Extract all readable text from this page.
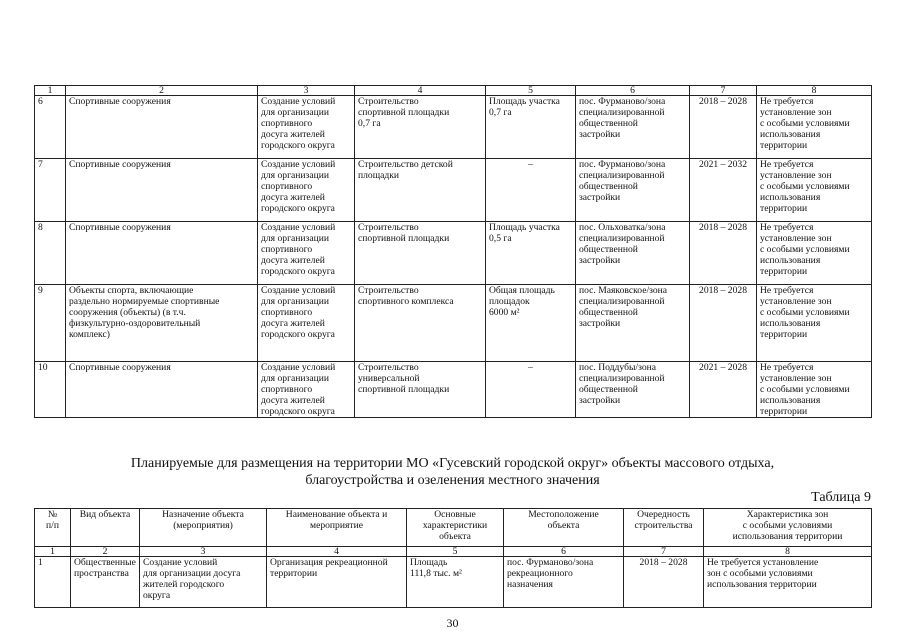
1	2	3	4	5	6	7	8
6	Спортивные сооружения	Создание условий
для организации
спортивного
досуга жителей
городского округа	Строительство
спортивной площадки
0,7 га	Площадь участка
0,7 га	пос. Фурманово/зона
специализированной
общественной
застройки	2018 – 2028	Не требуется
установление зон
с особыми условиями
использования
территории
7	Спортивные сооружения	Создание условий
для организации
спортивного
досуга жителей
городского округа	Строительство детской
площадки	–	пос. Фурманово/зона
специализированной
общественной
застройки	2021 – 2032	Не требуется
установление зон
с особыми условиями
использования
территории
8	Спортивные сооружения	Создание условий
для организации
спортивного
досуга жителей
городского округа	Строительство
спортивной площадки	Площадь участка
0,5 га	пос. Ольховатка/зона
специализированной
общественной
застройки	2018 – 2028	Не требуется
установление зон
с особыми условиями
использования
территории
9	Объекты спорта, включающие
раздельно нормируемые спортивные
сооружения (объекты) (в т.ч.
физкультурно-оздоровительный
комплекс)	Создание условий
для организации
спортивного
досуга жителей
городского округа	Строительство
спортивного комплекса	Общая площадь
площадок
6000 м²	пос. Маяковское/зона
специализированной
общественной
застройки	2018 – 2028	Не требуется
установление зон
с особыми условиями
использования
территории
10	Спортивные сооружения	Создание условий
для организации
спортивного
досуга жителей
городского округа	Строительство
универсальной
спортивной площадки	–	пос. Поддубы/зона
специализированной
общественной
застройки	2021 – 2028	Не требуется
установление зон
с особыми условиями
использования
территории
Планируемые для размещения на территории МО «Гусевский городской округ» объекты массового отдыха,
благоустройства и озеленения местного значения
Таблица 9
№
п/п	Вид объекта	Назначение объекта
(мероприятия)	Наименование объекта и
мероприятие	Основные
характеристики
объекта	Местоположение
объекта	Очередность
строительства	Характеристика зон
с особыми условиями
использования территории
1	2	3	4	5	6	7	8
1	Общественные
пространства	Создание условий
для организации досуга
жителей городского
округа	Организация рекреационной
территории	Площадь
111,8 тыс. м²	пос. Фурманово/зона
рекреационного
назначения	2018 – 2028	Не требуется установление
зон с особыми условиями
использования территории
30
